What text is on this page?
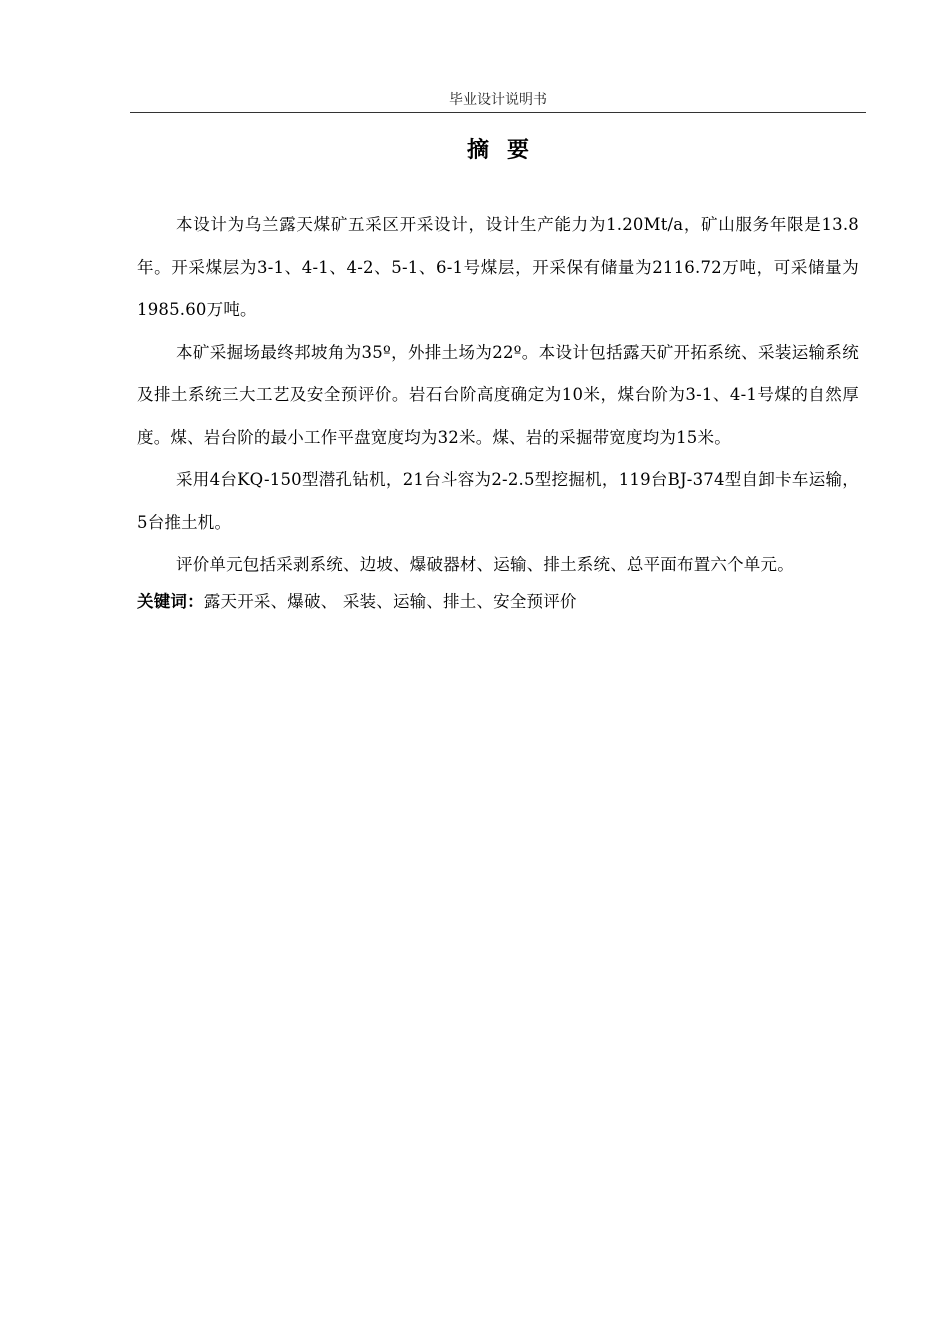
毕业设计说明书
摘要

本设计为乌兰露天煤矿五采区开采设计，设计生产能力为1.20Mt/a，矿山服务年限是13.8年。开采煤层为3-1、4-1、4-2、5-1、6-1号煤层，开采保有储量为2116.72万吨，可采储量为1985.60万吨。

本矿采掘场最终邦坡角为35º，外排土场为22º。本设计包括露天矿开拓系统、采装运输系统及排土系统三大工艺及安全预评价。岩石台阶高度确定为10米，煤台阶为3-1、4-1号煤的自然厚度。煤、岩台阶的最小工作平盘宽度均为32米。煤、岩的采掘带宽度均为15米。

采用4台KQ-150型潜孔钻机，21台斗容为2-2.5型挖掘机，119台BJ-374型自卸卡车运输，5台推土机。

评价单元包括采剥系统、边坡、爆破器材、运输、排土系统、总平面布置六个单元。

关键词：露天开采、爆破、 采装、运输、排土、安全预评价
